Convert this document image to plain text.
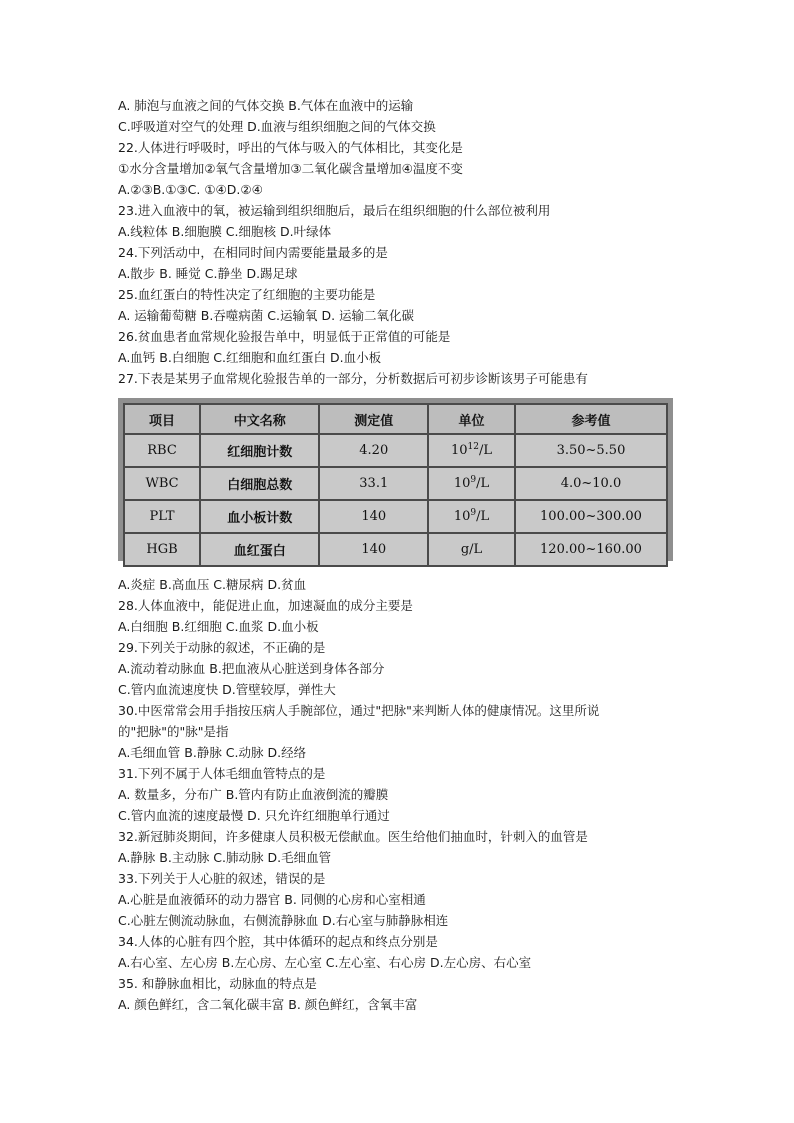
A. 肺泡与血液之间的气体交换 B.气体在血液中的运输
C.呼吸道对空气的处理 D.血液与组织细胞之间的气体交换
22.人体进行呼吸时，呼出的气体与吸入的气体相比，其变化是
①水分含量增加②氧气含量增加③二氧化碳含量增加④温度不变
A.②③B.①③C. ①④D.②④
23.进入血液中的氧，被运输到组织细胞后，最后在组织细胞的什么部位被利用
A.线粒体 B.细胞膜 C.细胞核 D.叶绿体
24.下列活动中，在相同时间内需要能量最多的是
A.散步 B. 睡觉 C.静坐 D.踢足球
25.血红蛋白的特性决定了红细胞的主要功能是
A. 运输葡萄糖 B.吞噬病菌 C.运输氧 D. 运输二氧化碳
26.贫血患者血常规化验报告单中，明显低于正常值的可能是
A.血钙 B.白细胞 C.红细胞和血红蛋白 D.血小板
27.下表是某男子血常规化验报告单的一部分，分析数据后可初步诊断该男子可能患有
项目	中文名称	测定值	单位	参考值
RBC	红细胞计数	4.20	$10^{12}/L$	3.50~5.50
WBC	白细胞总数	33.1	$10^9/L$	4.0~10.0
PLT	血小板计数	140	$10^9/L$	100.00~300.00
HGB	血红蛋白	140	g/L	120.00~160.00
A.炎症 B.高血压 C.糖尿病 D.贫血
28.人体血液中，能促进止血，加速凝血的成分主要是
A.白细胞 B.红细胞 C.血浆 D.血小板
29.下列关于动脉的叙述，不正确的是
A.流动着动脉血 B.把血液从心脏送到身体各部分
C.管内血流速度快 D.管壁较厚，弹性大
30.中医常常会用手指按压病人手腕部位，通过"把脉"来判断人体的健康情况。这里所说
的"把脉"的"脉"是指
A.毛细血管 B.静脉 C.动脉 D.经络
31.下列不属于人体毛细血管特点的是
A. 数量多，分布广 B.管内有防止血液倒流的瓣膜
C.管内血流的速度最慢 D. 只允许红细胞单行通过
32.新冠肺炎期间，许多健康人员积极无偿献血。医生给他们抽血时，针刺入的血管是
A.静脉 B.主动脉 C.肺动脉 D.毛细血管
33.下列关于人心脏的叙述，错误的是
A.心脏是血液循环的动力器官 B. 同侧的心房和心室相通
C.心脏左侧流动脉血，右侧流静脉血 D.右心室与肺静脉相连
34.人体的心脏有四个腔，其中体循环的起点和终点分别是
A.右心室、左心房 B.左心房、左心室 C.左心室、右心房 D.左心房、右心室
35. 和静脉血相比，动脉血的特点是
A. 颜色鲜红，含二氧化碳丰富 B. 颜色鲜红，含氧丰富
